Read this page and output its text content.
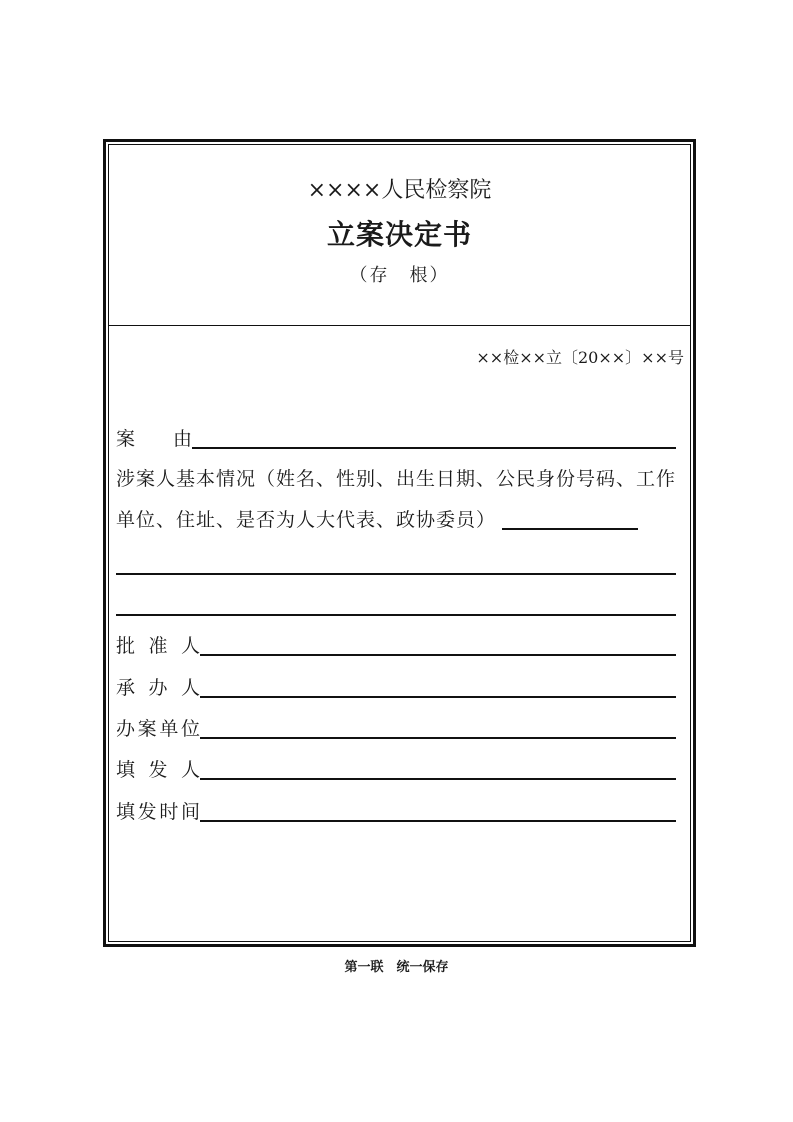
××××人民检察院
立案决定书
（存　根）
××检××立〔20××〕××号
案　　由
涉案人基本情况（姓名、性别、出生日期、公民身份号码、工作单位、住址、是否为人大代表、政协委员）
批 准 人
承 办 人
办案单位
填 发 人
填发时间
第一联　统一保存
